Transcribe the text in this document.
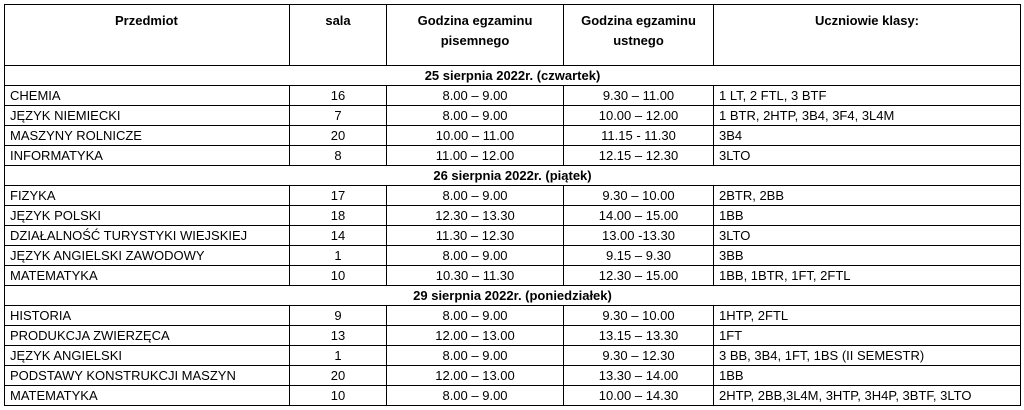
Przedmiot	sala	Godzina egzaminu pisemnego	Godzina egzaminu ustnego	Uczniowie klasy:
25 sierpnia 2022r. (czwartek)				
CHEMIA	16	8.00 – 9.00	9.30 – 11.00	1 LT, 2 FTL, 3 BTF
JĘZYK NIEMIECKI	7	8.00 – 9.00	10.00 – 12.00	1 BTR, 2HTP, 3B4, 3F4, 3L4M
MASZYNY ROLNICZE	20	10.00 – 11.00	11.15 - 11.30	3B4
INFORMATYKA	8	11.00 – 12.00	12.15 – 12.30	3LTO
26 sierpnia 2022r. (piątek)				
FIZYKA	17	8.00 – 9.00	9.30 – 10.00	2BTR, 2BB
JĘZYK POLSKI	18	12.30 – 13.30	14.00 – 15.00	1BB
DZIAŁALNOŚĆ TURYSTYKI WIEJSKIEJ	14	11.30 – 12.30	13.00 -13.30	3LTO
JĘZYK ANGIELSKI ZAWODOWY	1	8.00 – 9.00	9.15 – 9.30	3BB
MATEMATYKA	10	10.30 – 11.30	12.30 – 15.00	1BB, 1BTR, 1FT, 2FTL
29 sierpnia 2022r. (poniedziałek)				
HISTORIA	9	8.00 – 9.00	9.30 – 10.00	1HTP, 2FTL
PRODUKCJA ZWIERZĘCA	13	12.00 – 13.00	13.15 – 13.30	1FT
JĘZYK ANGIELSKI	1	8.00 – 9.00	9.30 – 12.30	3 BB, 3B4, 1FT, 1BS (II SEMESTR)
PODSTAWY KONSTRUKCJI MASZYN	20	12.00 – 13.00	13.30 – 14.00	1BB
MATEMATYKA	10	8.00 – 9.00	10.00 – 14.30	2HTP, 2BB,3L4M, 3HTP, 3H4P, 3BTF, 3LTO
